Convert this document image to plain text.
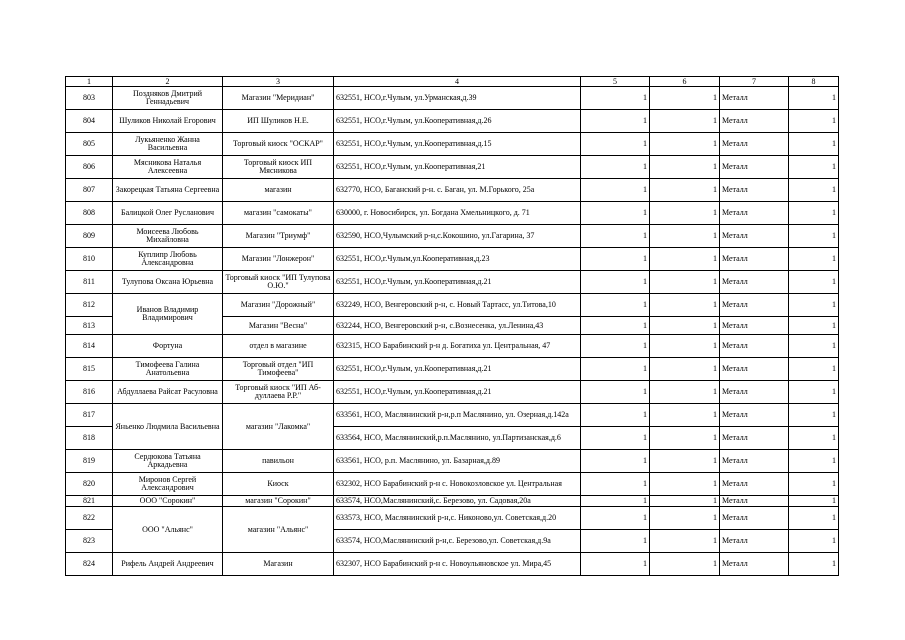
1	2	3	4	5	6	7	8
803	Поздняков Дмитрий Геннадьевич	Магазин "Меридиан"	632551, НСО,г.Чулым, ул.Урманская,д.39	1	1	Металл	1
804	Шуликов Николай Егорович	ИП Шуликов Н.Е.	632551, НСО,г.Чулым, ул.Кооперативная,д.26	1	1	Металл	1
805	Лукьяненко Жанна Васильевна	Торговый киоск "ОСКАР"	632551, НСО,г.Чулым, ул.Кооперативная,д.15	1	1	Металл	1
806	Мясникова Наталья Алексеевна	Торговый киоск ИП Мясникова	632551, НСО,г.Чулым, ул.Кооперативная,21	1	1	Металл	1
807	Закорецкая Татьяна Сергеевна	магазин	632770, НСО, Баганский р-н. с. Баган, ул. М.Горького, 25а	1	1	Металл	1
808	Балицкой Олег Русланович	магазин "самокаты"	630000, г. Новосибирск, ул. Богдана Хмельницкого, д. 71	1	1	Металл	1
809	Моисеева Любовь Михайловна	Магазин "Триумф"	632590, НСО,Чулымский р-н,с.Кокошино, ул.Гагарина, 37	1	1	Металл	1
810	Куплипр Любовь Александровна	Магазин "Лонжерон"	632551, НСО,г.Чулым,ул.Кооперативная,д.23	1	1	Металл	1
811	Тулупова Оксана Юрьевна	Торговый киоск "ИП Тулупова О.Ю."	632551, НСО,г.Чулым, ул.Кооперативная,д.21	1	1	Металл	1
812	Иванов Владимир Владимирович	Магазин "Дорожный"	632249, НСО, Венгеровский р-н, с. Новый Тартасс, ул.Титова,10	1	1	Металл	1
813		Магазин "Весна"	632244, НСО, Венгеровский р-н, с.Вознесенка, ул.Ленина,43	1	1	Металл	1
814	Фортуна	отдел в магазине	632315, НСО Барабинский р-н д. Богатиха ул. Центральная, 47	1	1	Металл	1
815	Тимофеева Галина Анатольевна	Торговый отдел "ИП Тимофеева"	632551, НСО,г.Чулым, ул.Кооперативная,д.21	1	1	Металл	1
816	Абдуллаева Райсат Расуловна	Торговый киоск "ИП Аб-дуллаева Р.Р."	632551, НСО,г.Чулым, ул.Кооперативная,д.21	1	1	Металл	1
817	Яньенко Людмила Васильевна	магазин "Лакомка"	633561, НСО, Маслянинский р-н,р.п Маслянино, ул. Озерная,д.142а	1	1	Металл	1
818			633564, НСО, Маслянинский,р.п.Маслянино, ул.Партизанская,д.6	1	1	Металл	1
819	Сердюкова Татьяна Аркадьевна	павильон	633561, НСО, р.п. Маслянино, ул. Базарная,д.89	1	1	Металл	1
820	Миронов Сергей Александрович	Киоск	632302, НСО Барабинский р-н с. Новокозловское ул. Центральная	1	1	Металл	1
821	ООО "Сорокин"	магазин "Сорокин"	633574, НСО,Маслянинский,с. Березово, ул. Садовая,20а	1	1	Металл	1
822	ООО "Альянс"	магазин "Альянс"	633573, НСО, Маслянинский р-н,с. Никоново,ул. Советская,д.20	1	1	Металл	1
823			633574, НСО,Маслянинский р-н,с. Березово,ул. Советская,д.9а	1	1	Металл	1
824	Рифель Андрей Андреевич	Магазин	632307, НСО Барабинский р-н с. Новоульяновское ул. Мира,45	1	1	Металл	1
